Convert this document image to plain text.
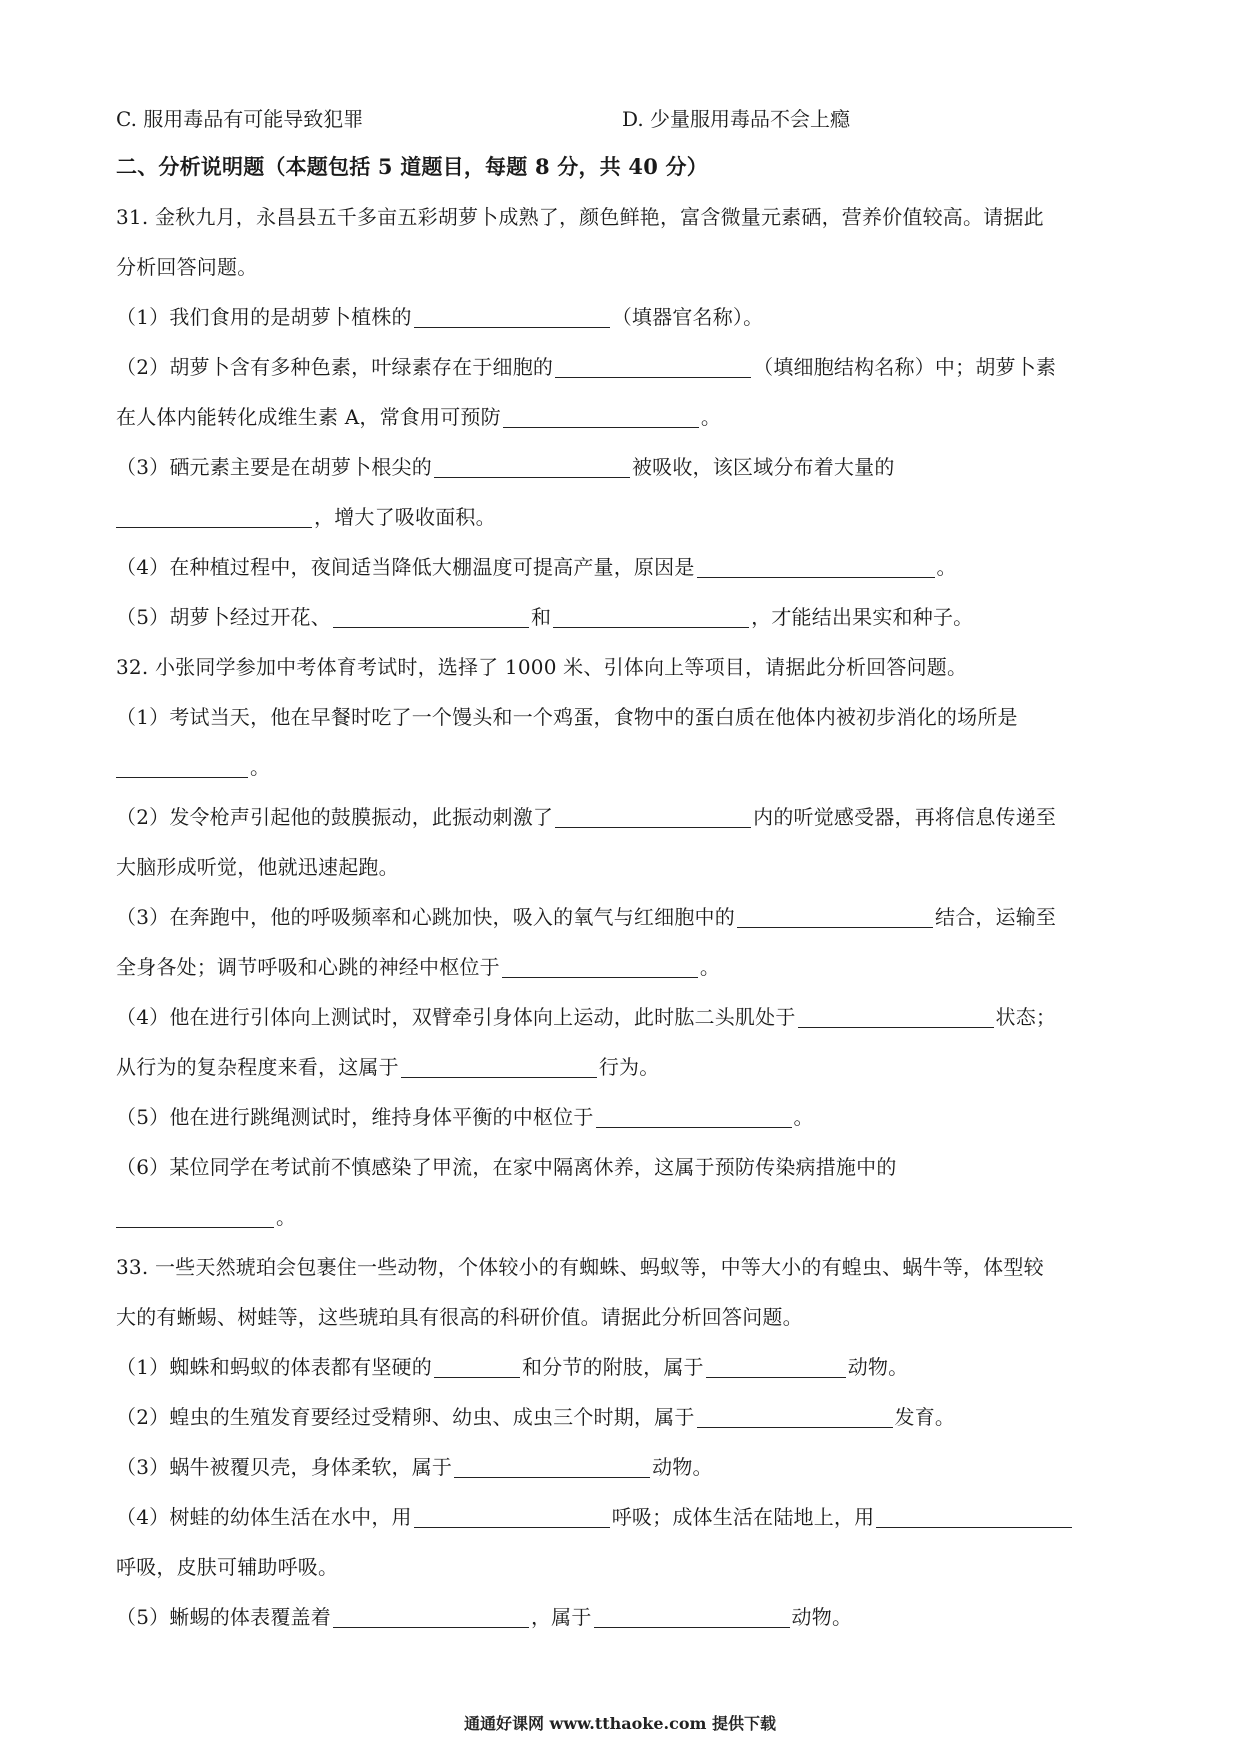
C. 服用毒品有可能导致犯罪	D. 少量服用毒品不会上瘾
二、分析说明题（本题包括 5 道题目，每题 8 分，共 40 分）
31. 金秋九月，永昌县五千多亩五彩胡萝卜成熟了，颜色鲜艳，富含微量元素硒，营养价值较高。请据此
分析回答问题。
（1）我们食用的是胡萝卜植株的	（填器官名称）。
（2）胡萝卜含有多种色素，叶绿素存在于细胞的	（填细胞结构名称）中；胡萝卜素
在人体内能转化成维生素 A，常食用可预防	。
（3）硒元素主要是在胡萝卜根尖的	被吸收，该区域分布着大量的
，增大了吸收面积。
（4）在种植过程中，夜间适当降低大棚温度可提高产量，原因是	。
（5）胡萝卜经过开花、	和	，才能结出果实和种子。
32. 小张同学参加中考体育考试时，选择了 1000 米、引体向上等项目，请据此分析回答问题。
（1）考试当天，他在早餐时吃了一个馒头和一个鸡蛋，食物中的蛋白质在他体内被初步消化的场所是
。
（2）发令枪声引起他的鼓膜振动，此振动刺激了	内的听觉感受器，再将信息传递至
大脑形成听觉，他就迅速起跑。
（3）在奔跑中，他的呼吸频率和心跳加快，吸入的氧气与红细胞中的	结合，运输至
全身各处；调节呼吸和心跳的神经中枢位于	。
（4）他在进行引体向上测试时，双臂牵引身体向上运动，此时肱二头肌处于	状态；
从行为的复杂程度来看，这属于	行为。
（5）他在进行跳绳测试时，维持身体平衡的中枢位于	。
（6）某位同学在考试前不慎感染了甲流，在家中隔离休养，这属于预防传染病措施中的
。
33. 一些天然琥珀会包裹住一些动物，个体较小的有蜘蛛、蚂蚁等，中等大小的有蝗虫、蜗牛等，体型较
大的有蜥蜴、树蛙等，这些琥珀具有很高的科研价值。请据此分析回答问题。
（1）蜘蛛和蚂蚁的体表都有坚硬的	和分节的附肢，属于	动物。
（2）蝗虫的生殖发育要经过受精卵、幼虫、成虫三个时期，属于	发育。
（3）蜗牛被覆贝壳，身体柔软，属于	动物。
（4）树蛙的幼体生活在水中，用	呼吸；成体生活在陆地上，用
呼吸，皮肤可辅助呼吸。
（5）蜥蜴的体表覆盖着	，属于	动物。
通通好课网 www.tthaoke.com 提供下载
